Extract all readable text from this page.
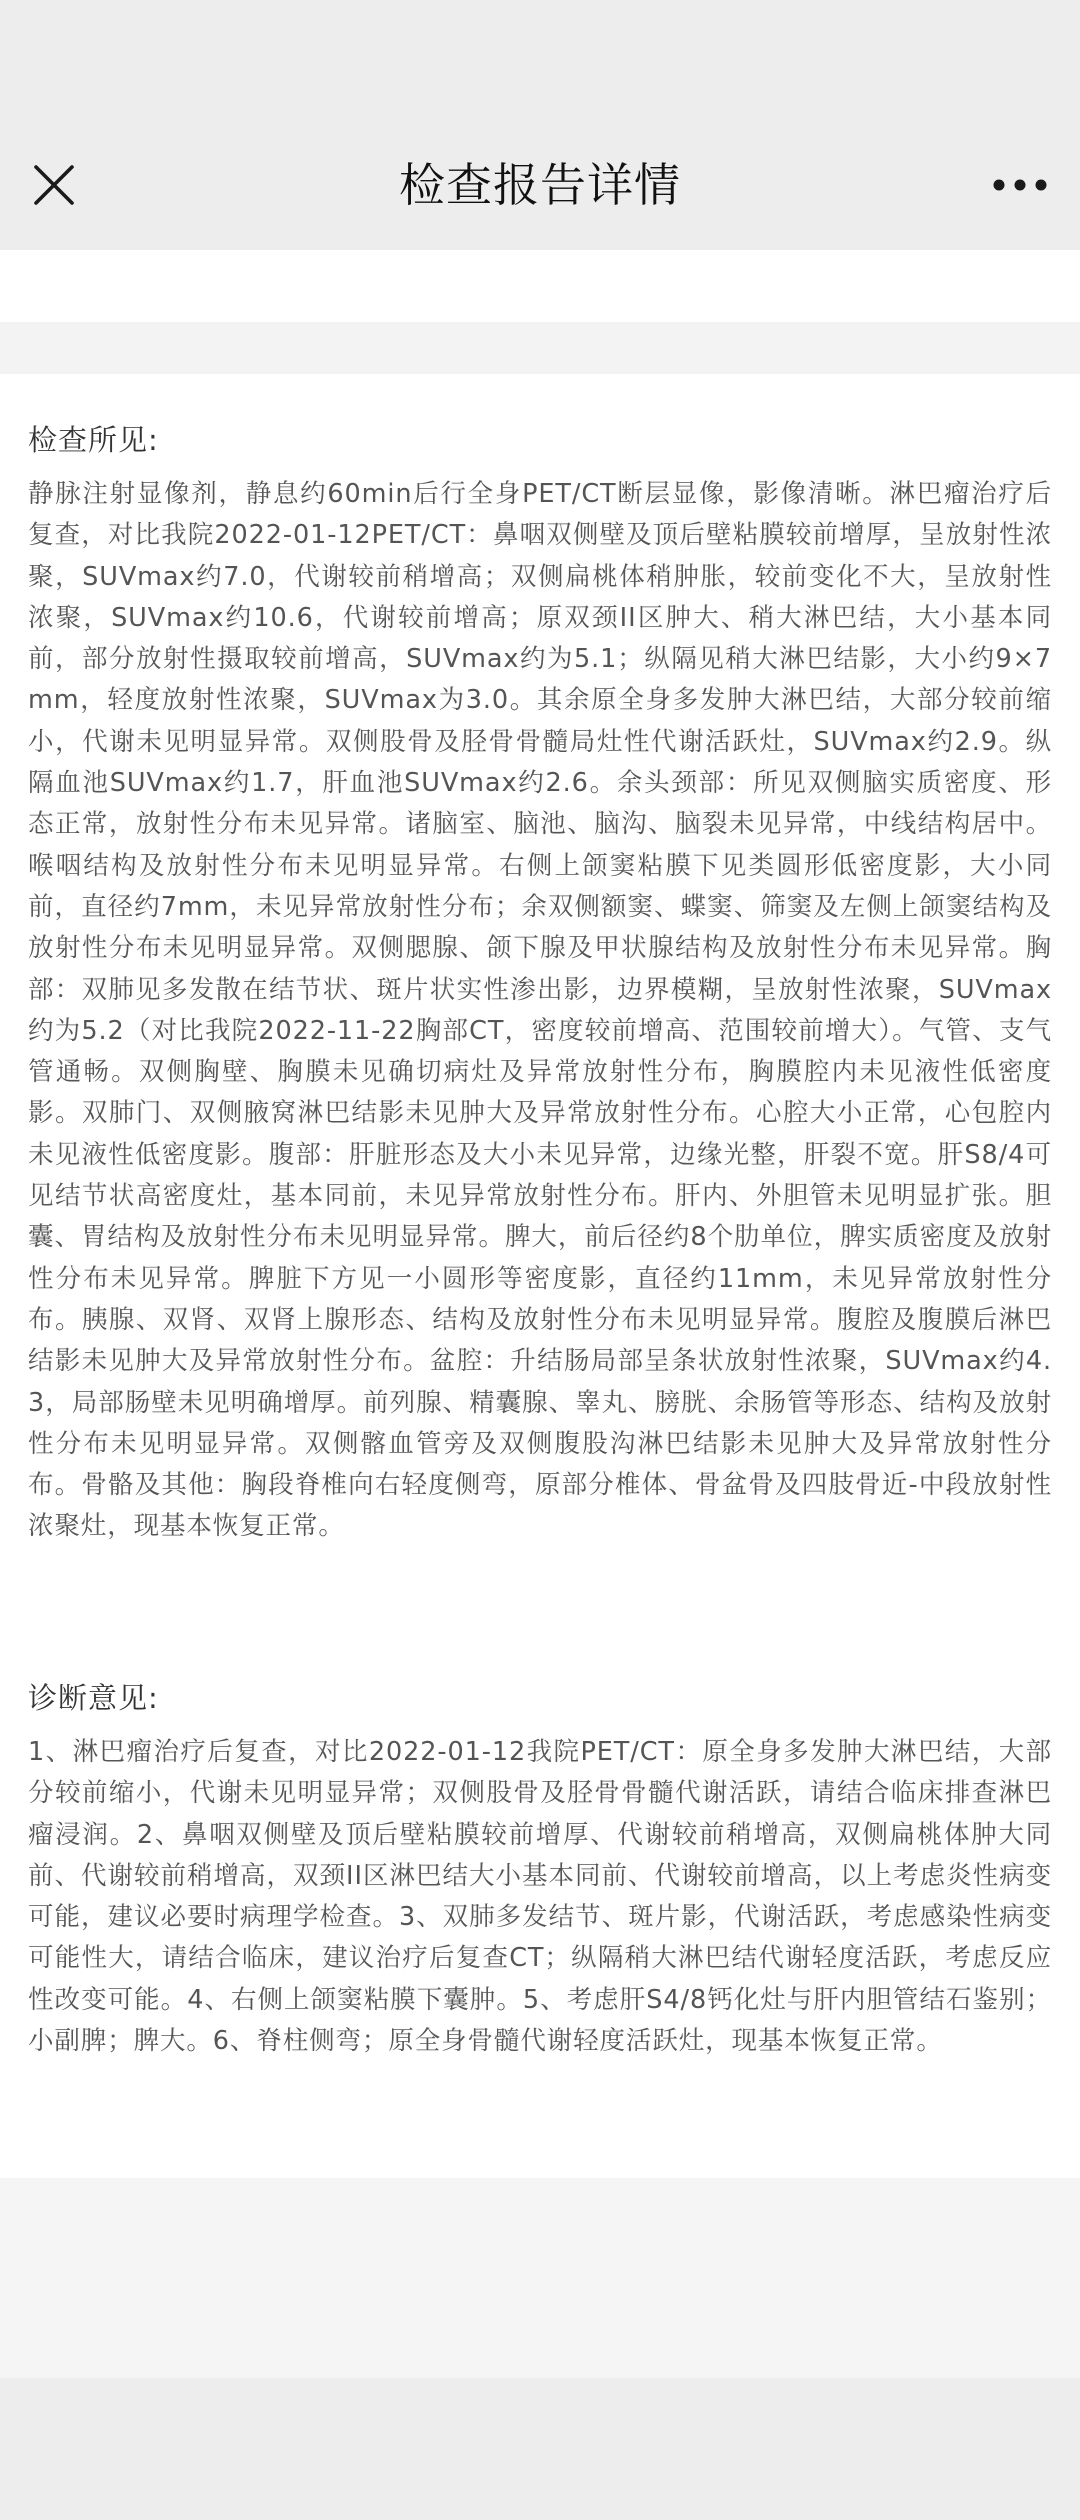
检查报告详情
检查所见:

静脉注射显像剂，静息约60min后行全身PET/CT断层显像，影像清晰。淋巴瘤治疗后复查，对比我院2022-01-12PET/CT：鼻咽双侧壁及顶后壁粘膜较前增厚，呈放射性浓聚，SUVmax约7.0，代谢较前稍增高；双侧扁桃体稍肿胀，较前变化不大，呈放射性浓聚，SUVmax约10.6，代谢较前增高；原双颈II区肿大、稍大淋巴结，大小基本同前，部分放射性摄取较前增高，SUVmax约为5.1；纵隔见稍大淋巴结影，大小约9×7mm，轻度放射性浓聚，SUVmax为3.0。其余原全身多发肿大淋巴结，大部分较前缩小，代谢未见明显异常。双侧股骨及胫骨骨髓局灶性代谢活跃灶，SUVmax约2.9。纵隔血池SUVmax约1.7，肝血池SUVmax约2.6。余头颈部：所见双侧脑实质密度、形态正常，放射性分布未见异常。诸脑室、脑池、脑沟、脑裂未见异常，中线结构居中。喉咽结构及放射性分布未见明显异常。右侧上颌窦粘膜下见类圆形低密度影，大小同前，直径约7mm，未见异常放射性分布；余双侧额窦、蝶窦、筛窦及左侧上颌窦结构及放射性分布未见明显异常。双侧腮腺、颌下腺及甲状腺结构及放射性分布未见异常。胸部：双肺见多发散在结节状、斑片状实性渗出影，边界模糊，呈放射性浓聚，SUVmax约为5.2（对比我院2022-11-22胸部CT，密度较前增高、范围较前增大）。气管、支气管通畅。双侧胸壁、胸膜未见确切病灶及异常放射性分布，胸膜腔内未见液性低密度影。双肺门、双侧腋窝淋巴结影未见肿大及异常放射性分布。心腔大小正常，心包腔内未见液性低密度影。腹部：肝脏形态及大小未见异常，边缘光整，肝裂不宽。肝S8/4可见结节状高密度灶，基本同前，未见异常放射性分布。肝内、外胆管未见明显扩张。胆囊、胃结构及放射性分布未见明显异常。脾大，前后径约8个肋单位，脾实质密度及放射性分布未见异常。脾脏下方见一小圆形等密度影，直径约11mm，未见异常放射性分布。胰腺、双肾、双肾上腺形态、结构及放射性分布未见明显异常。腹腔及腹膜后淋巴结影未见肿大及异常放射性分布。盆腔：升结肠局部呈条状放射性浓聚，SUVmax约4.3，局部肠壁未见明确增厚。前列腺、精囊腺、睾丸、膀胱、余肠管等形态、结构及放射性分布未见明显异常。双侧髂血管旁及双侧腹股沟淋巴结影未见肿大及异常放射性分布。骨骼及其他：胸段脊椎向右轻度侧弯，原部分椎体、骨盆骨及四肢骨近-中段放射性浓聚灶，现基本恢复正常。

诊断意见:

1、淋巴瘤治疗后复查，对比2022-01-12我院PET/CT：原全身多发肿大淋巴结，大部分较前缩小，代谢未见明显异常；双侧股骨及胫骨骨髓代谢活跃，请结合临床排查淋巴瘤浸润。2、鼻咽双侧壁及顶后壁粘膜较前增厚、代谢较前稍增高，双侧扁桃体肿大同前、代谢较前稍增高，双颈II区淋巴结大小基本同前、代谢较前增高，以上考虑炎性病变可能，建议必要时病理学检查。3、双肺多发结节、斑片影，代谢活跃，考虑感染性病变可能性大，请结合临床，建议治疗后复查CT；纵隔稍大淋巴结代谢轻度活跃，考虑反应性改变可能。4、右侧上颌窦粘膜下囊肿。5、考虑肝S4/8钙化灶与肝内胆管结石鉴别；小副脾；脾大。6、脊柱侧弯；原全身骨髓代谢轻度活跃灶，现基本恢复正常。
